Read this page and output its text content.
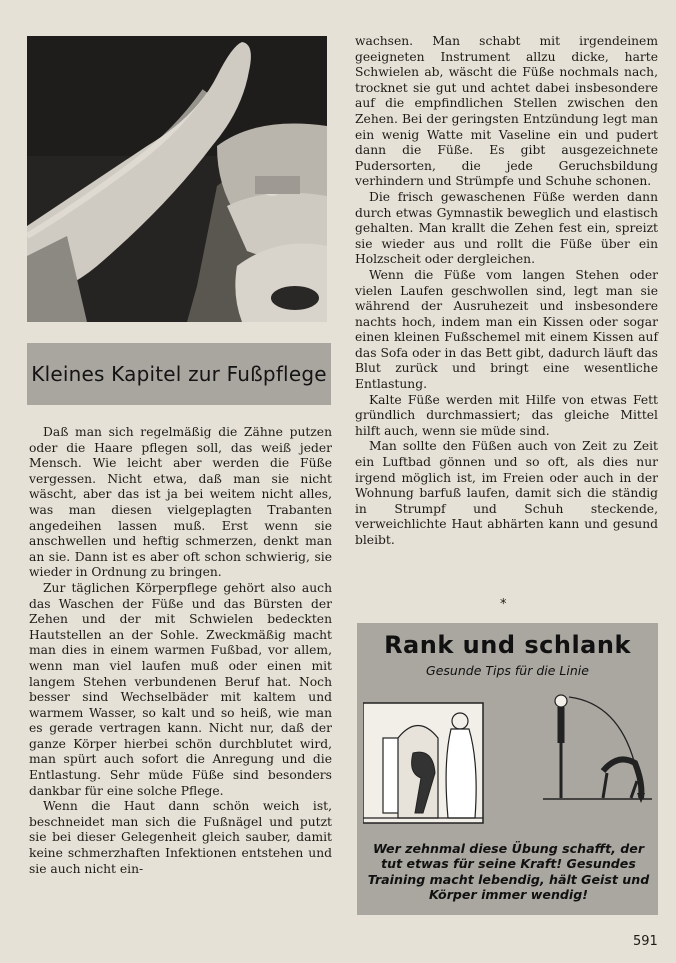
Kleines Kapitel zur Fußpflege

Daß man sich regelmäßig die Zähne putzen oder die Haare pflegen soll, das weiß jeder Mensch. Wie leicht aber werden die Füße vergessen. Nicht etwa, daß man sie nicht wäscht, aber das ist ja bei weitem nicht alles, was man diesen vielgeplagten Trabanten angedeihen lassen muß. Erst wenn sie anschwellen und heftig schmerzen, denkt man an sie. Dann ist es aber oft schon schwierig, sie wieder in Ordnung zu bringen.

Zur täglichen Körperpflege gehört also auch das Waschen der Füße und das Bürsten der Zehen und der mit Schwielen bedeckten Hautstellen an der Sohle. Zweckmäßig macht man dies in einem warmen Fußbad, vor allem, wenn man viel laufen muß oder einen mit langem Stehen verbundenen Beruf hat. Noch besser sind Wechselbäder mit kaltem und warmem Wasser, so kalt und so heiß, wie man es gerade vertragen kann. Nicht nur, daß der ganze Körper hierbei schön durchblutet wird, man spürt auch sofort die Anregung und die Entlastung. Sehr müde Füße sind besonders dankbar für eine solche Pflege.

Wenn die Haut dann schön weich ist, beschneidet man sich die Fußnägel und putzt sie bei dieser Gelegenheit gleich sauber, damit keine schmerzhaften Infektionen entstehen und sie auch nicht ein-

wachsen. Man schabt mit irgendeinem geeigneten Instrument allzu dicke, harte Schwielen ab, wäscht die Füße nochmals nach, trocknet sie gut und achtet dabei insbesondere auf die empfindlichen Stellen zwischen den Zehen. Bei der geringsten Entzündung legt man ein wenig Watte mit Vaseline ein und pudert dann die Füße. Es gibt ausgezeichnete Pudersorten, die jede Geruchsbildung verhindern und Strümpfe und Schuhe schonen.

Die frisch gewaschenen Füße werden dann durch etwas Gymnastik beweglich und elastisch gehalten. Man krallt die Zehen fest ein, spreizt sie wieder aus und rollt die Füße über ein Holzscheit oder dergleichen.

Wenn die Füße vom langen Stehen oder vielen Laufen geschwollen sind, legt man sie während der Ausruhezeit und insbesondere nachts hoch, indem man ein Kissen oder sogar einen kleinen Fußschemel mit einem Kissen auf das Sofa oder in das Bett gibt, dadurch läuft das Blut zurück und bringt eine wesentliche Entlastung.

Kalte Füße werden mit Hilfe von etwas Fett gründlich durchmassiert; das gleiche Mittel hilft auch, wenn sie müde sind.

Man sollte den Füßen auch von Zeit zu Zeit ein Luftbad gönnen und so oft, als dies nur irgend möglich ist, im Freien oder auch in der Wohnung barfuß laufen, damit sich die ständig in Strumpf und Schuh steckende, verweichlichte Haut abhärten kann und gesund bleibt.

*
Rank und schlank
Gesunde Tips für die Linie
Wer zehnmal diese Übung schafft, der tut etwas für seine Kraft! Gesundes Training macht lebendig, hält Geist und Körper immer wendig!
591
